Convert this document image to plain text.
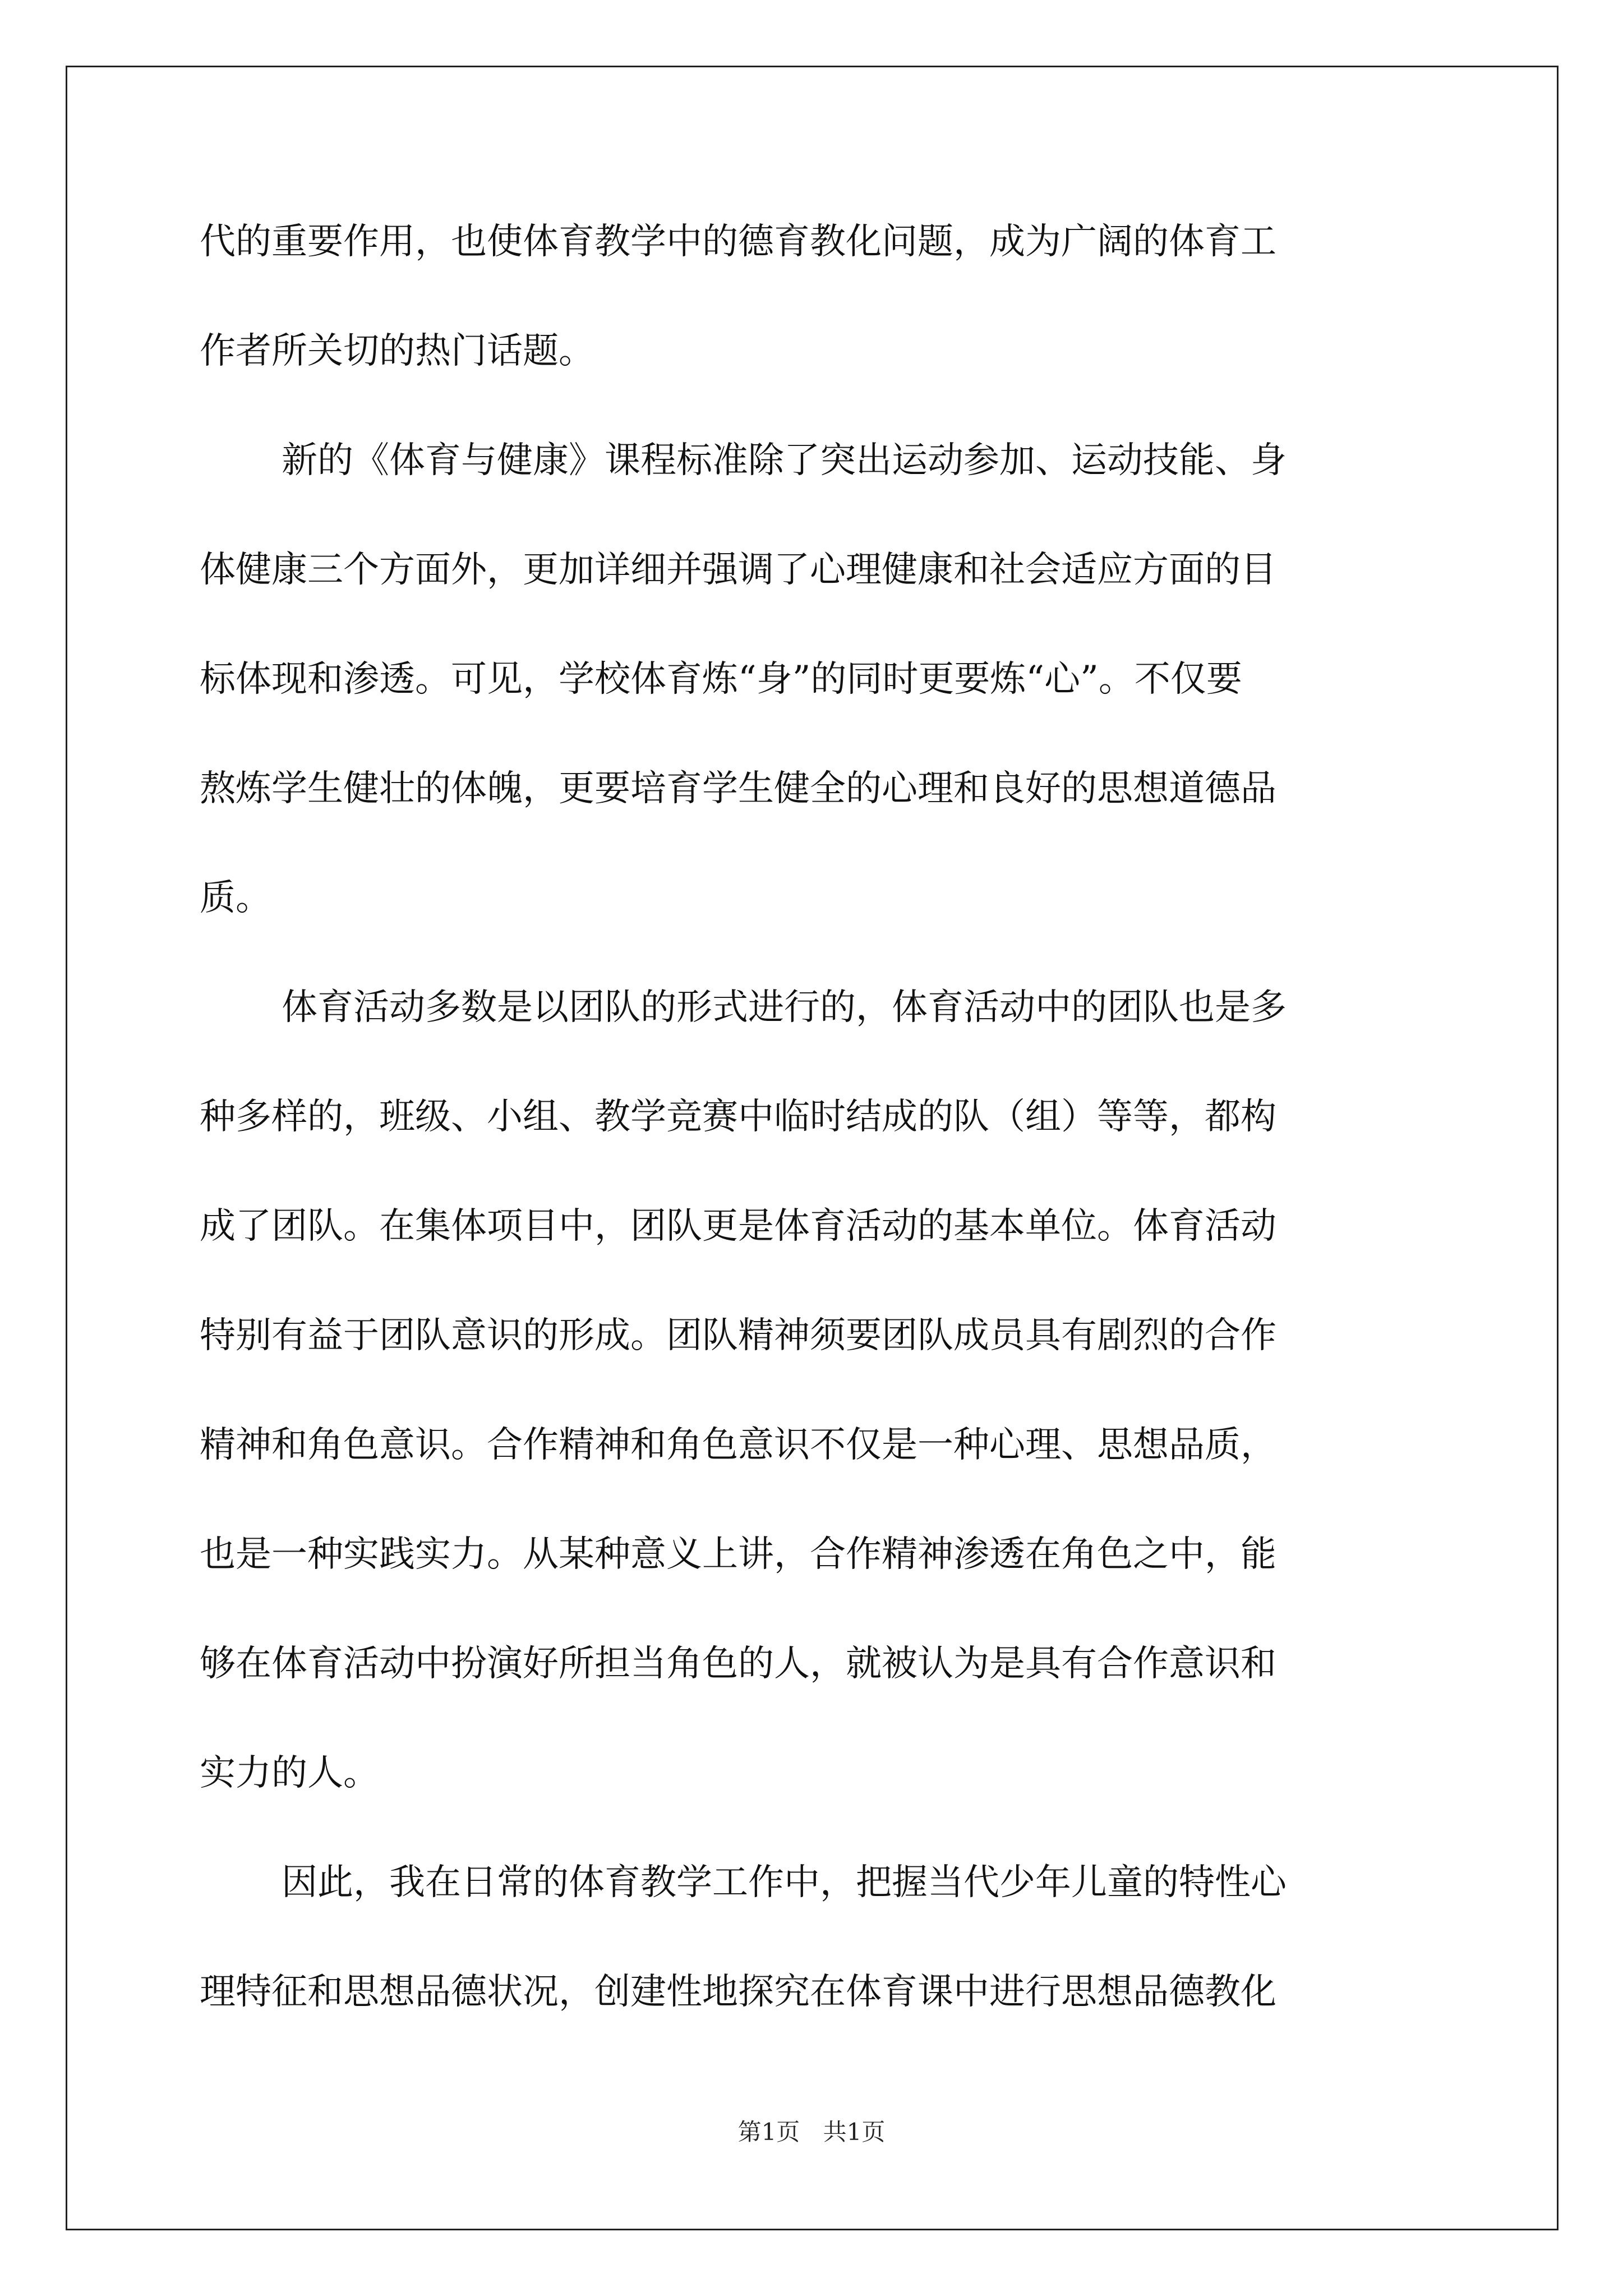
代的重要作用，也使体育教学中的德育教化问题，成为广阔的体育工
作者所关切的热门话题。
新的《体育与健康》课程标准除了突出运动参加、运动技能、身
体健康三个方面外，更加详细并强调了心理健康和社会适应方面的目
标体现和渗透。可见，学校体育炼“身”的同时更要炼“心”。不仅要
熬炼学生健壮的体魄，更要培育学生健全的心理和良好的思想道德品
质。
体育活动多数是以团队的形式进行的，体育活动中的团队也是多
种多样的，班级、小组、教学竞赛中临时结成的队（组）等等，都构
成了团队。在集体项目中，团队更是体育活动的基本单位。体育活动
特别有益于团队意识的形成。团队精神须要团队成员具有剧烈的合作
精神和角色意识。合作精神和角色意识不仅是一种心理、思想品质，
也是一种实践实力。从某种意义上讲，合作精神渗透在角色之中，能
够在体育活动中扮演好所担当角色的人，就被认为是具有合作意识和
实力的人。
因此，我在日常的体育教学工作中，把握当代少年儿童的特性心
理特征和思想品德状况，创建性地探究在体育课中进行思想品德教化
第1页 共1页
